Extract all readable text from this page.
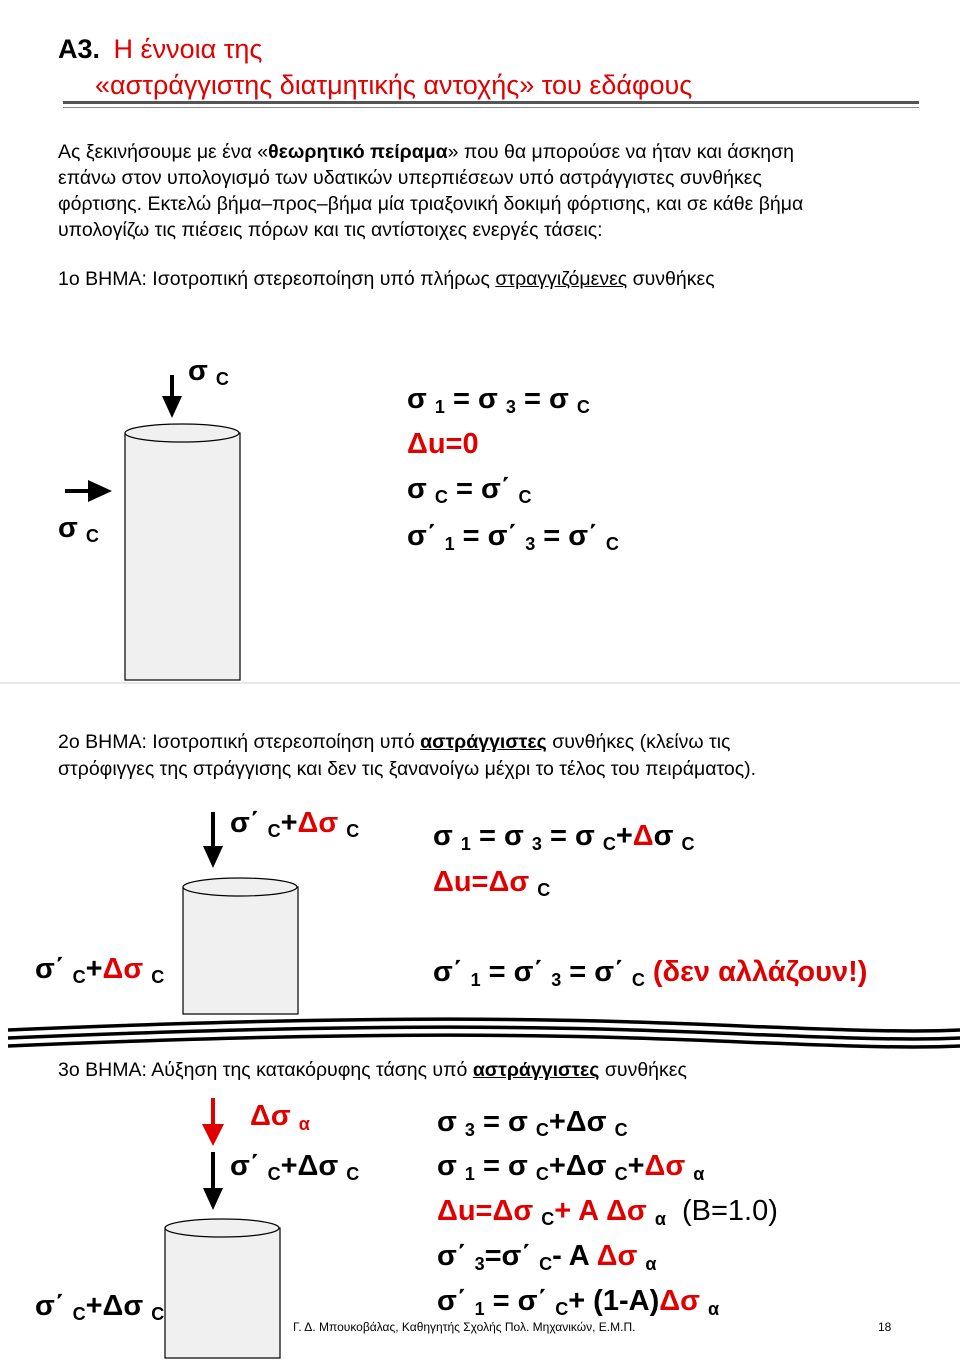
Α3. Η έννοια της
«αστράγγιστης διατμητικής αντοχής» του εδάφους
Ας ξεκινήσουμε με ένα «θεωρητικό πείραμα» που θα μπορούσε να ήταν και άσκηση
επάνω στον υπολογισμό των υδατικών υπερπιέσεων υπό αστράγγιστες συνθήκες
φόρτισης. Εκτελώ βήμα–προς–βήμα μία τριαξονική δοκιμή φόρτισης, και σε κάθε βήμα
υπολογίζω τις πιέσεις πόρων και τις αντίστοιχες ενεργές τάσεις:
1ο ΒΗΜΑ: Ισοτροπική στερεοποίηση υπό πλήρως στραγγιζόμενες συνθήκες
σ $_C$
σ $_C$
σ $_1$ = σ $_3$ = σ $_C$
Δu=0
σ $_C$ = σ΄ $_C$
σ΄ $_1$ = σ΄ $_3$ = σ΄ $_C$
2ο ΒΗΜΑ: Ισοτροπική στερεοποίηση υπό αστράγγιστες συνθήκες (κλείνω τις
στρόφιγγες της στράγγισης και δεν τις ξανανοίγω μέχρι το τέλος του πειράματος).
σ΄ $_C$+Δσ $_C$
σ΄ $_C$+Δσ $_C$
σ $_1$ = σ $_3$ = σ $_C$+Δσ $_C$
Δu=Δσ $_C$
σ΄ $_1$ = σ΄ $_3$ = σ΄ $_C$ (δεν αλλάζουν!)
3ο ΒΗΜΑ: Αύξηση της κατακόρυφης τάσης υπό αστράγγιστες συνθήκες
Δσ $_\alpha$
σ΄ $_C$+Δσ $_C$
σ΄ $_C$+Δσ $_C$
σ $_3$ = σ $_C$+Δσ $_C$
σ $_1$ = σ $_C$+Δσ $_C$+Δσ $_\alpha$
Δu=Δσ $_C$+ A Δσ $_\alpha$ (B=1.0)
σ΄ $_3$=σ΄ $_C$- A Δσ $_\alpha$
σ΄ $_1$ = σ΄ $_C$+ (1-A)Δσ $_\alpha$
Γ. Δ. Μπουκοβάλας, Καθηγητής Σχολής Πολ. Μηχανικών, Ε.Μ.Π.	18
